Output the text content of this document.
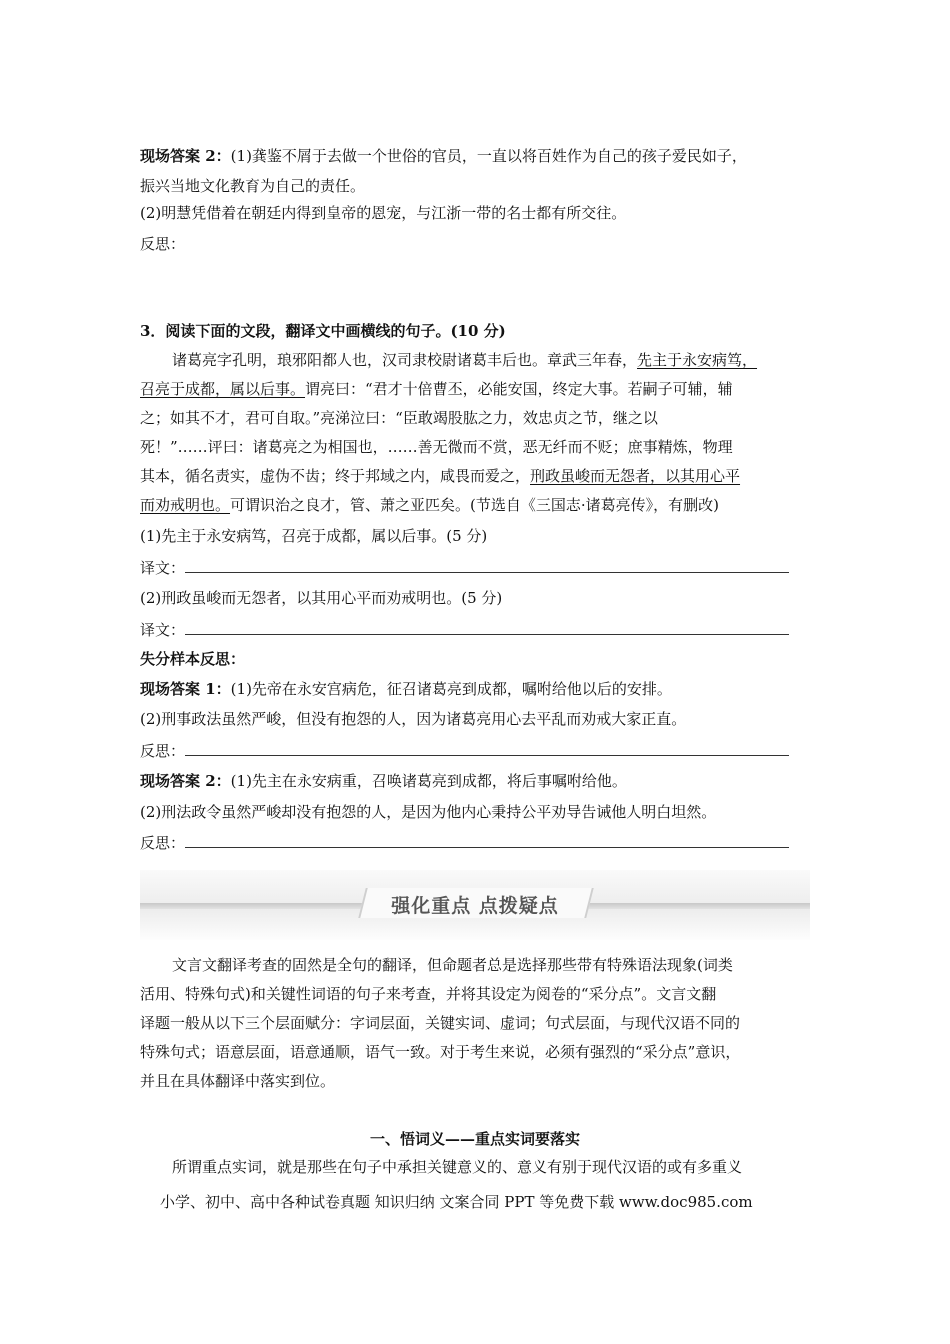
现场答案 2：(1)龚鉴不屑于去做一个世俗的官员，一直以将百姓作为自己的孩子爱民如子，
振兴当地文化教育为自己的责任。
(2)明慧凭借着在朝廷内得到皇帝的恩宠，与江浙一带的名士都有所交往。
反思：
3．阅读下面的文段，翻译文中画横线的句子。(10 分)
诸葛亮字孔明，琅邪阳都人也，汉司隶校尉诸葛丰后也。章武三年春，先主于永安病笃，
召亮于成都，属以后事。谓亮曰：“君才十倍曹丕，必能安国，终定大事。若嗣子可辅，辅
之；如其不才，君可自取。”亮涕泣曰：“臣敢竭股肱之力，效忠贞之节，继之以
死！”……评曰：诸葛亮之为相国也，……善无微而不赏，恶无纤而不贬；庶事精炼，物理
其本，循名责实，虚伪不齿；终于邦域之内，咸畏而爱之，刑政虽峻而无怨者，以其用心平
而劝戒明也。可谓识治之良才，管、萧之亚匹矣。(节选自《三国志·诸葛亮传》，有删改)
(1)先主于永安病笃，召亮于成都，属以后事。(5 分)
译文：
(2)刑政虽峻而无怨者，以其用心平而劝戒明也。(5 分)
译文：
失分样本反思：
现场答案 1：(1)先帝在永安宫病危，征召诸葛亮到成都，嘱咐给他以后的安排。
(2)刑事政法虽然严峻，但没有抱怨的人，因为诸葛亮用心去平乱而劝戒大家正直。
反思：
现场答案 2：(1)先主在永安病重，召唤诸葛亮到成都，将后事嘱咐给他。
(2)刑法政令虽然严峻却没有抱怨的人，是因为他内心秉持公平劝导告诫他人明白坦然。
反思：
强化重点 点拨疑点
文言文翻译考查的固然是全句的翻译，但命题者总是选择那些带有特殊语法现象(词类
活用、特殊句式)和关键性词语的句子来考查，并将其设定为阅卷的“采分点”。文言文翻
译题一般从以下三个层面赋分：字词层面，关键实词、虚词；句式层面，与现代汉语不同的
特殊句式；语意层面，语意通顺，语气一致。对于考生来说，必须有强烈的“采分点”意识，
并且在具体翻译中落实到位。
一、悟词义——重点实词要落实
所谓重点实词，就是那些在句子中承担关键意义的、意义有别于现代汉语的或有多重义
小学、初中、高中各种试卷真题 知识归纳 文案合同 PPT 等免费下载 www.doc985.com
